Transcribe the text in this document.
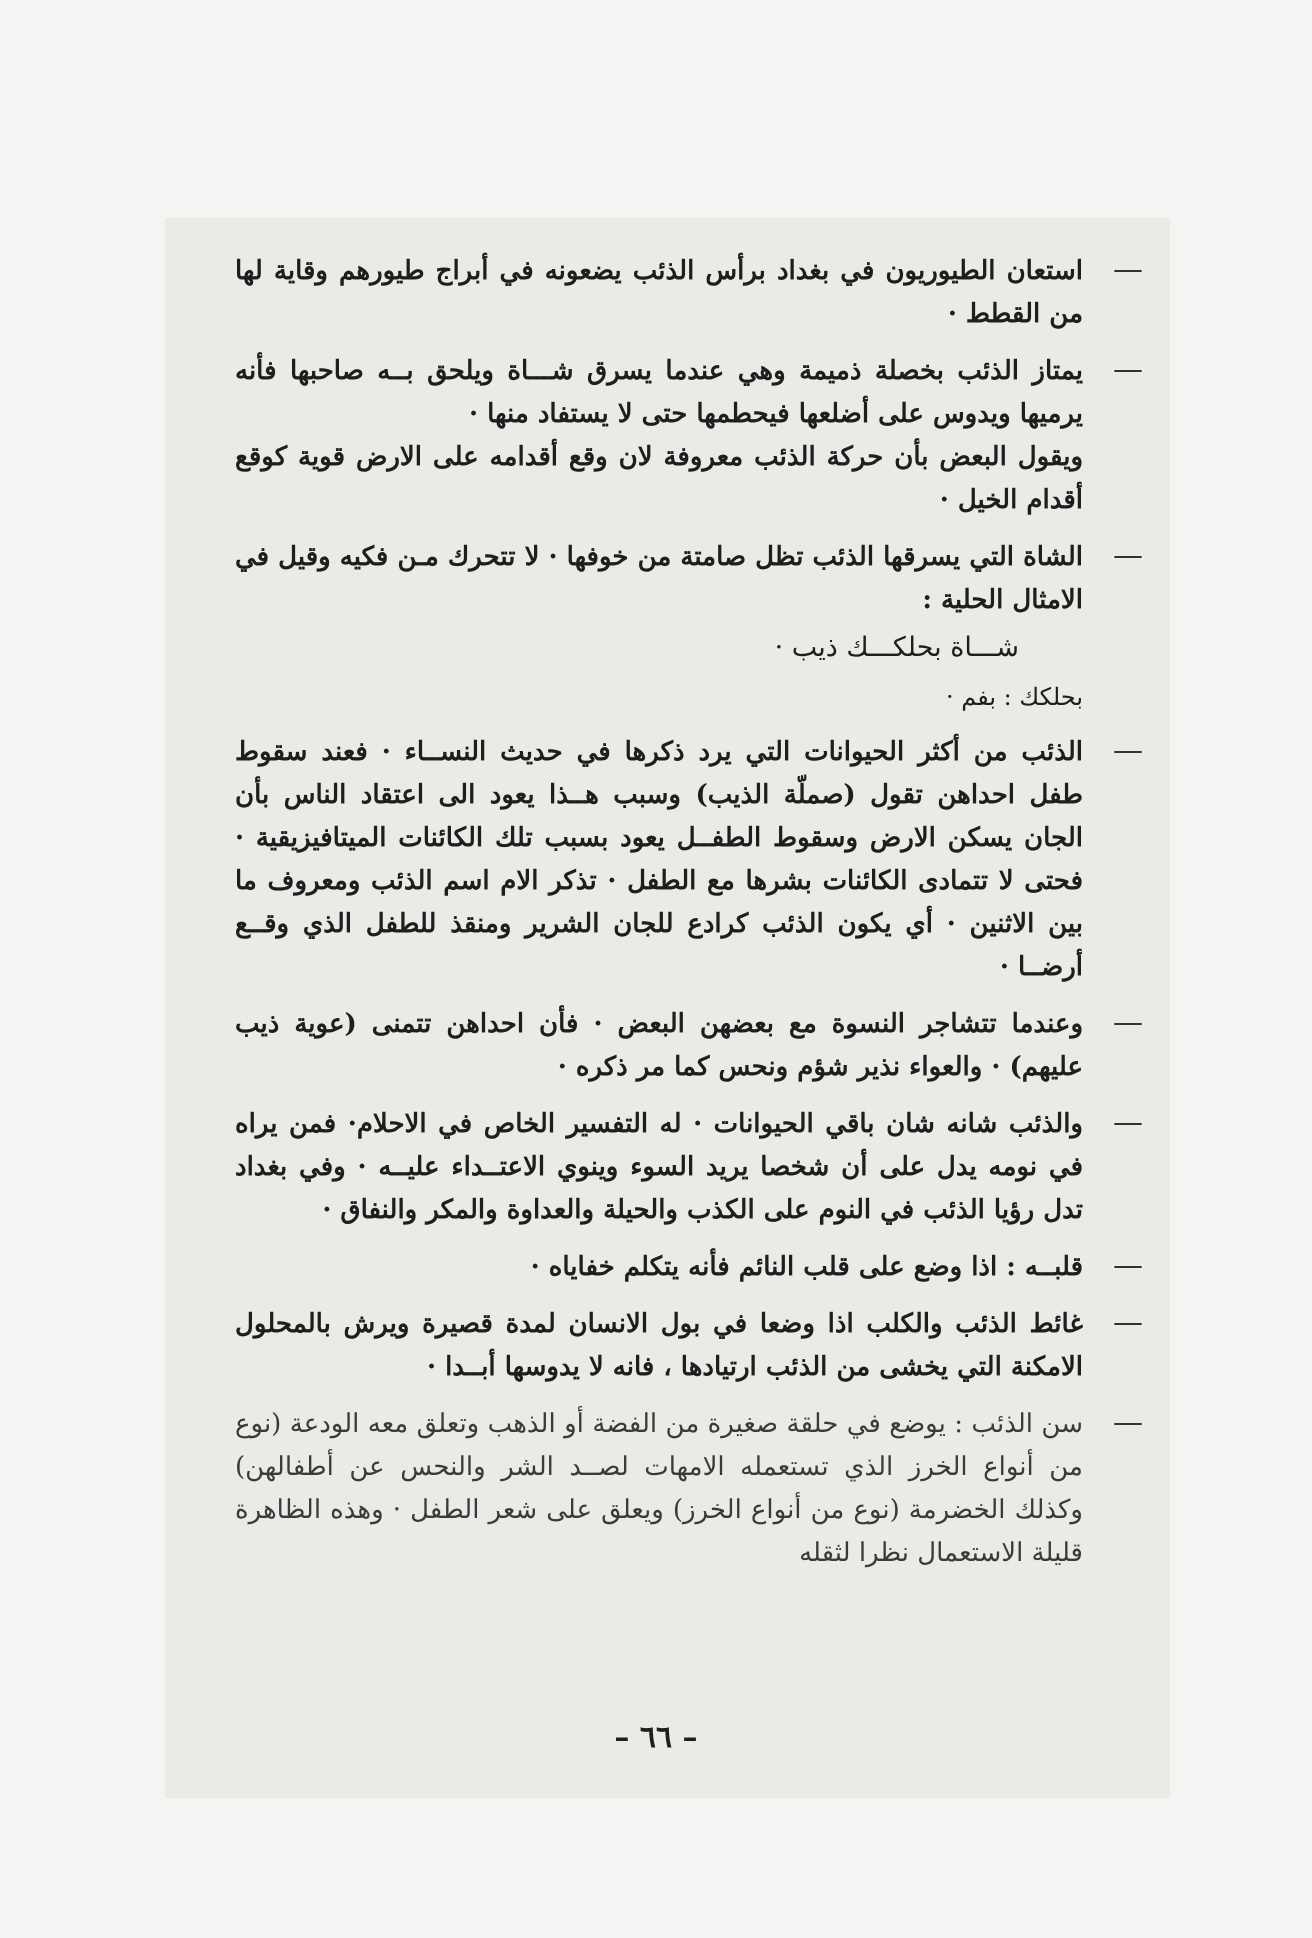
—

استعان الطيوريون في بغداد برأس الذئب يضعونه في أبراج طيورهم وقاية لها من القطط ·

—

يمتاز الذئب بخصلة ذميمة وهي عندما يسرق شـــاة ويلحق بــه صاحبها فأنه يرميها ويدوس على أضلعها فيحطمها حتى لا يستفاد منها ·

ويقول البعض بأن حركة الذئب معروفة لان وقع أقدامه على الارض قوية كوقع أقدام الخيل ·

—

الشاة التي يسرقها الذئب تظل صامتة من خوفها · لا تتحرك مـن فكيه وقيل في الامثال الحلية :

شـــاة بحلكـــك ذيب ·

بحلكك : بفم ·

—

الذئب من أكثر الحيوانات التي يرد ذكرها في حديث النســاء · فعند سقوط طفل احداهن تقول (صملّة الذيب) وسبب هــذا يعود الى اعتقاد الناس بأن الجان يسكن الارض وسقوط الطفــل يعود بسبب تلك الكائنات الميتافيزيقية · فحتى لا تتمادى الكائنات بشرها مع الطفل · تذكر الام اسم الذئب ومعروف ما بين الاثنين · أي يكون الذئب كرادع للجان الشرير ومنقذ للطفل الذي وقــع أرضــا ·

—

وعندما تتشاجر النسوة مع بعضهن البعض · فأن احداهن تتمنى (عوية ذيب عليهم) · والعواء نذير شؤم ونحس كما مر ذكره ·

—

والذئب شانه شان باقي الحيوانات · له التفسير الخاص في الاحلام· فمن يراه في نومه يدل على أن شخصا يريد السوء وينوي الاعتــداء عليــه · وفي بغداد تدل رؤيا الذئب في النوم على الكذب والحيلة والعداوة والمكر والنفاق ·

—

قلبــه : اذا وضع على قلب النائم فأنه يتكلم خفاياه ·

—

غائط الذئب والكلب اذا وضعا في بول الانسان لمدة قصيرة ويرش بالمحلول الامكنة التي يخشى من الذئب ارتيادها ، فانه لا يدوسها أبــدا ·

—

سن الذئب : يوضع في حلقة صغيرة من الفضة أو الذهب وتعلق معه الودعة (نوع من أنواع الخرز الذي تستعمله الامهات لصــد الشر والنحس عن أطفالهن) وكذلك الخضرمة (نوع من أنواع الخرز) ويعلق على شعر الطفل · وهذه الظاهرة قليلة الاستعمال نظرا لثقله

– ٦٦ –
